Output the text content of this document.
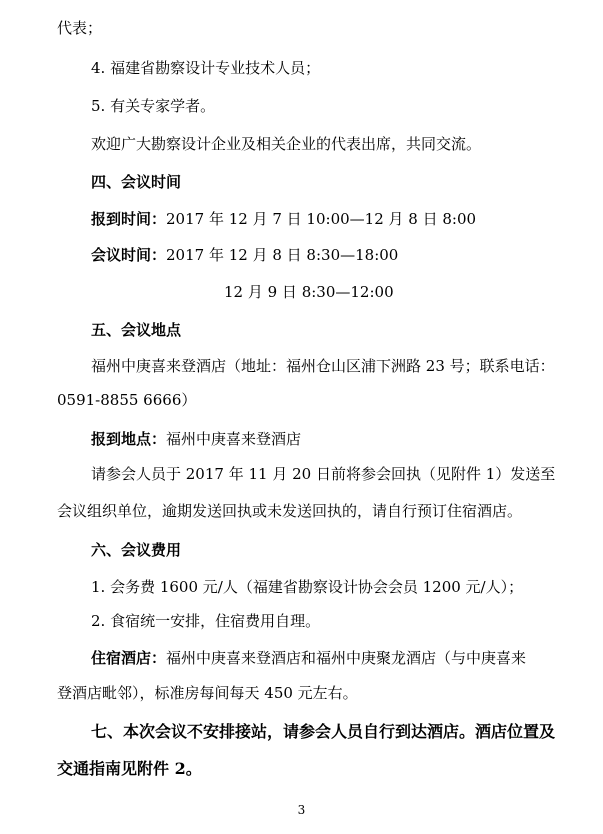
代表；
4. 福建省勘察设计专业技术人员；
5. 有关专家学者。
欢迎广大勘察设计企业及相关企业的代表出席，共同交流。
四、会议时间
报到时间：2017 年 12 月 7 日 10:00—12 月 8 日 8:00
会议时间：2017 年 12 月 8 日 8:30—18:00
12 月 9 日 8:30—12:00
五、会议地点
福州中庚喜来登酒店（地址：福州仓山区浦下洲路 23 号；联系电话：
0591-8855 6666）
报到地点：福州中庚喜来登酒店
请参会人员于 2017 年 11 月 20 日前将参会回执（见附件 1）发送至
会议组织单位，逾期发送回执或未发送回执的，请自行预订住宿酒店。
六、会议费用
1. 会务费 1600 元/人（福建省勘察设计协会会员 1200 元/人）；
2. 食宿统一安排，住宿费用自理。
住宿酒店：福州中庚喜来登酒店和福州中庚聚龙酒店（与中庚喜来
登酒店毗邻），标准房每间每天 450 元左右。
七、本次会议不安排接站，请参会人员自行到达酒店。酒店位置及
交通指南见附件 2。
3
